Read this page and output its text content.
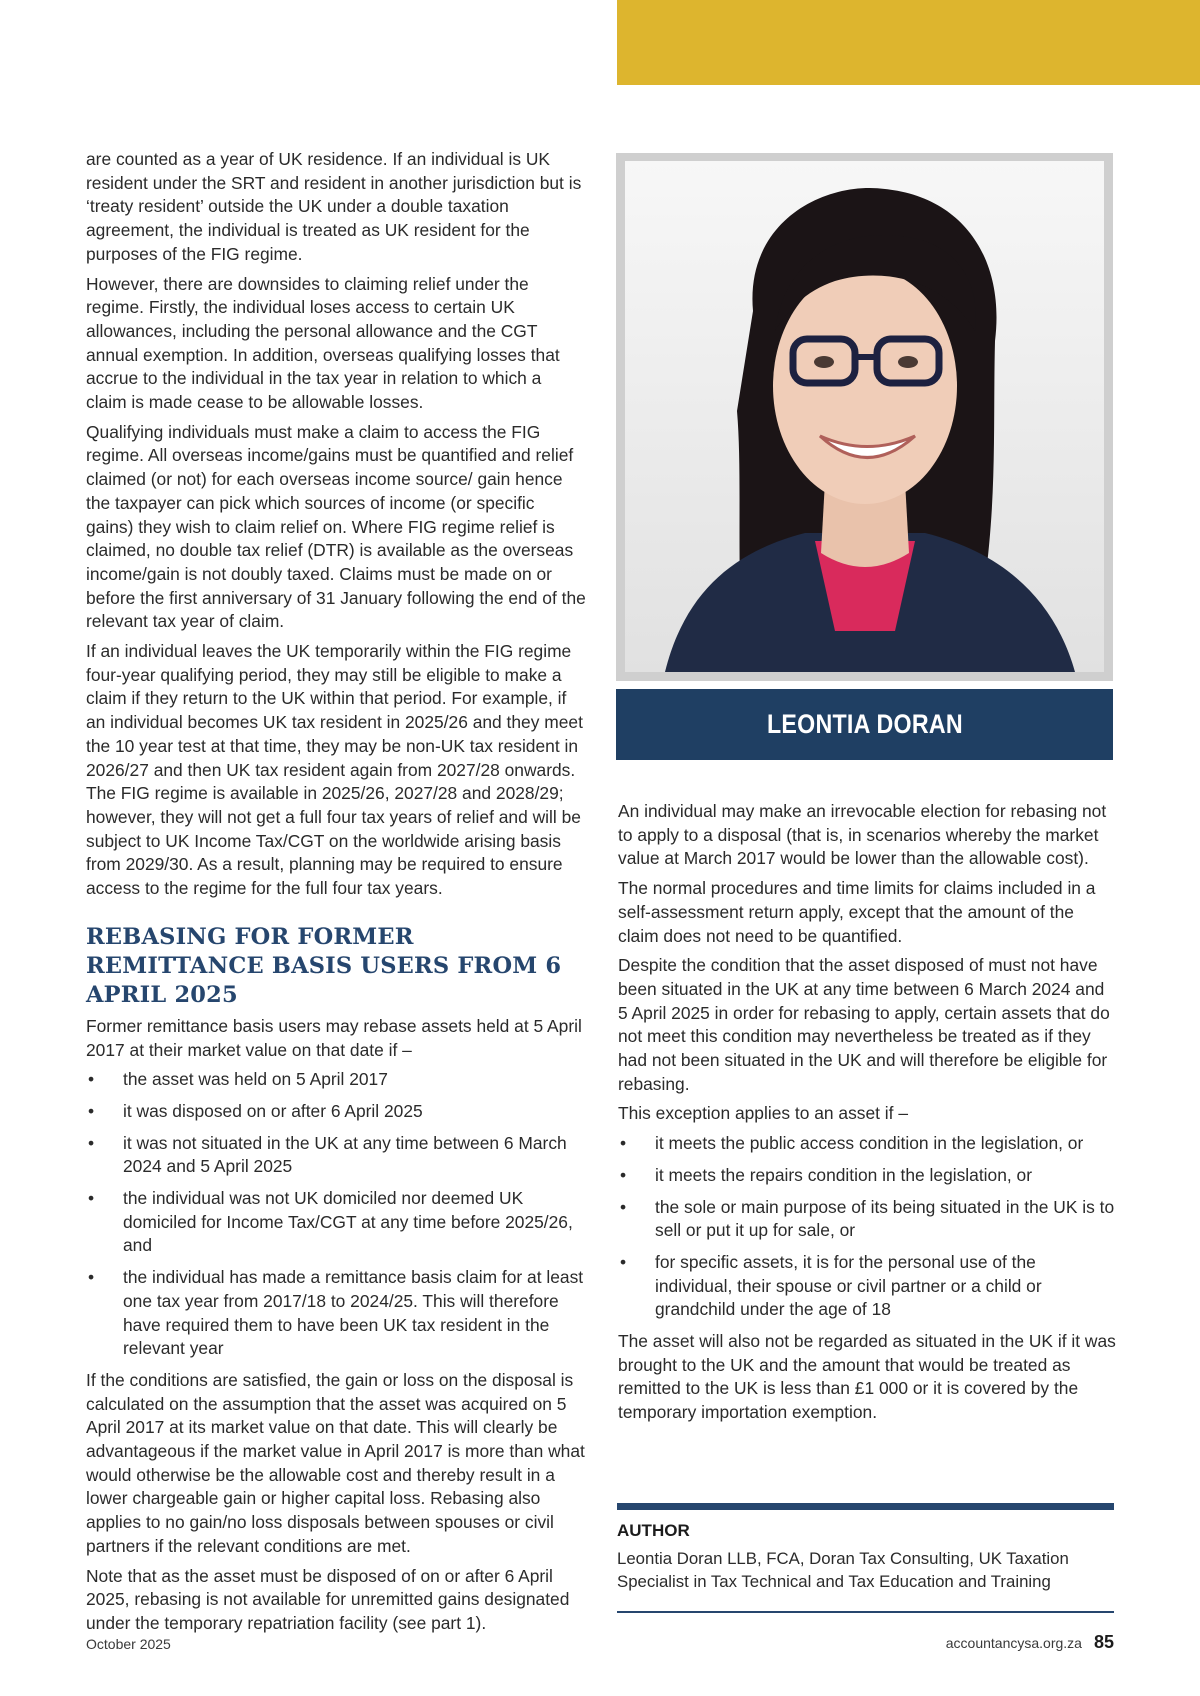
are counted as a year of UK residence. If an individual is UK resident under the SRT and resident in another jurisdiction but is ‘treaty resident’ outside the UK under a double taxation agreement, the individual is treated as UK resident for the purposes of the FIG regime.

However, there are downsides to claiming relief under the regime. Firstly, the individual loses access to certain UK allowances, including the personal allowance and the CGT annual exemption. In addition, overseas qualifying losses that accrue to the individual in the tax year in relation to which a claim is made cease to be allowable losses.

Qualifying individuals must make a claim to access the FIG regime. All overseas income/gains must be quantified and relief claimed (or not) for each overseas income source/ gain hence the taxpayer can pick which sources of income (or specific gains) they wish to claim relief on. Where FIG regime relief is claimed, no double tax relief (DTR) is available as the overseas income/gain is not doubly taxed. Claims must be made on or before the first anniversary of 31 January following the end of the relevant tax year of claim.

If an individual leaves the UK temporarily within the FIG regime four-year qualifying period, they may still be eligible to make a claim if they return to the UK within that period. For example, if an individual becomes UK tax resident in 2025/26 and they meet the 10 year test at that time, they may be non-UK tax resident in 2026/27 and then UK tax resident again from 2027/28 onwards. The FIG regime is available in 2025/26, 2027/28 and 2028/29; however, they will not get a full four tax years of relief and will be subject to UK Income Tax/CGT on the worldwide arising basis from 2029/30. As a result, planning may be required to ensure access to the regime for the full four tax years.

REBASING FOR FORMER REMITTANCE BASIS USERS FROM 6 APRIL 2025

Former remittance basis users may rebase assets held at 5 April 2017 at their market value on that date if –

• the asset was held on 5 April 2017
• it was disposed on or after 6 April 2025
• it was not situated in the UK at any time between 6 March 2024 and 5 April 2025
• the individual was not UK domiciled nor deemed UK domiciled for Income Tax/CGT at any time before 2025/26, and
• the individual has made a remittance basis claim for at least one tax year from 2017/18 to 2024/25. This will therefore have required them to have been UK tax resident in the relevant year

If the conditions are satisfied, the gain or loss on the disposal is calculated on the assumption that the asset was acquired on 5 April 2017 at its market value on that date. This will clearly be advantageous if the market value in April 2017 is more than what would otherwise be the allowable cost and thereby result in a lower chargeable gain or higher capital loss. Rebasing also applies to no gain/no loss disposals between spouses or civil partners if the relevant conditions are met.

Note that as the asset must be disposed of on or after 6 April 2025, rebasing is not available for unremitted gains designated under the temporary repatriation facility (see part 1).

LEONTIA DORAN

An individual may make an irrevocable election for rebasing not to apply to a disposal (that is, in scenarios whereby the market value at March 2017 would be lower than the allowable cost).

The normal procedures and time limits for claims included in a self-assessment return apply, except that the amount of the claim does not need to be quantified.

Despite the condition that the asset disposed of must not have been situated in the UK at any time between 6 March 2024 and 5 April 2025 in order for rebasing to apply, certain assets that do not meet this condition may nevertheless be treated as if they had not been situated in the UK and will therefore be eligible for rebasing.

This exception applies to an asset if –

• it meets the public access condition in the legislation, or
• it meets the repairs condition in the legislation, or
• the sole or main purpose of its being situated in the UK is to sell or put it up for sale, or
• for specific assets, it is for the personal use of the individual, their spouse or civil partner or a child or grandchild under the age of 18

The asset will also not be regarded as situated in the UK if it was brought to the UK and the amount that would be treated as remitted to the UK is less than £1 000 or it is covered by the temporary importation exemption.

AUTHOR
Leontia Doran LLB, FCA, Doran Tax Consulting, UK Taxation Specialist in Tax Technical and Tax Education and Training
October 2025	accountancysa.org.za 85
